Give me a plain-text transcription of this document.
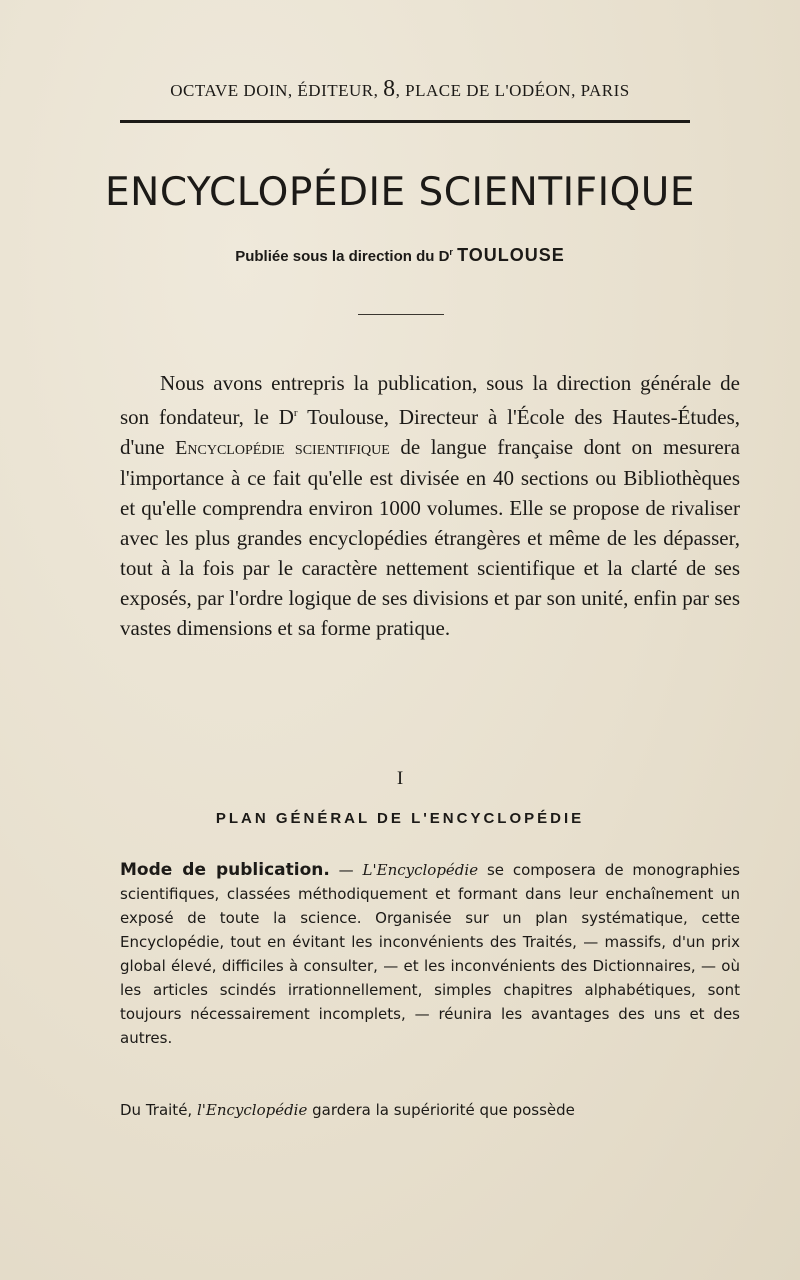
OCTAVE DOIN, ÉDITEUR, 8, PLACE DE L'ODÉON, PARIS
ENCYCLOPÉDIE SCIENTIFIQUE
Publiée sous la direction du $D^r$ TOULOUSE

Nous avons entrepris la publication, sous la direction générale de son fondateur, le $D^r$ Toulouse, Directeur à l'École des Hautes-Études, d'une Encyclopédie scientifique de langue française dont on mesurera l'importance à ce fait qu'elle est divisée en 40 sections ou Bibliothèques et qu'elle comprendra environ 1000 volumes. Elle se propose de rivaliser avec les plus grandes encyclopédies étrangères et même de les dépasser, tout à la fois par le caractère nettement scientifique et la clarté de ses exposés, par l'ordre logique de ses divisions et par son unité, enfin par ses vastes dimensions et sa forme pratique.

I
PLAN GÉNÉRAL DE L'ENCYCLOPÉDIE

Mode de publication. — L'Encyclopédie se composera de monographies scientifiques, classées méthodiquement et formant dans leur enchaînement un exposé de toute la science. Organisée sur un plan systématique, cette Encyclopédie, tout en évitant les inconvénients des Traités, — massifs, d'un prix global élevé, difficiles à consulter, — et les inconvénients des Dictionnaires, — où les articles scindés irrationnellement, simples chapitres alphabétiques, sont toujours nécessairement incomplets, — réunira les avantages des uns et des autres.

Du Traité, l'Encyclopédie gardera la supériorité que possède
